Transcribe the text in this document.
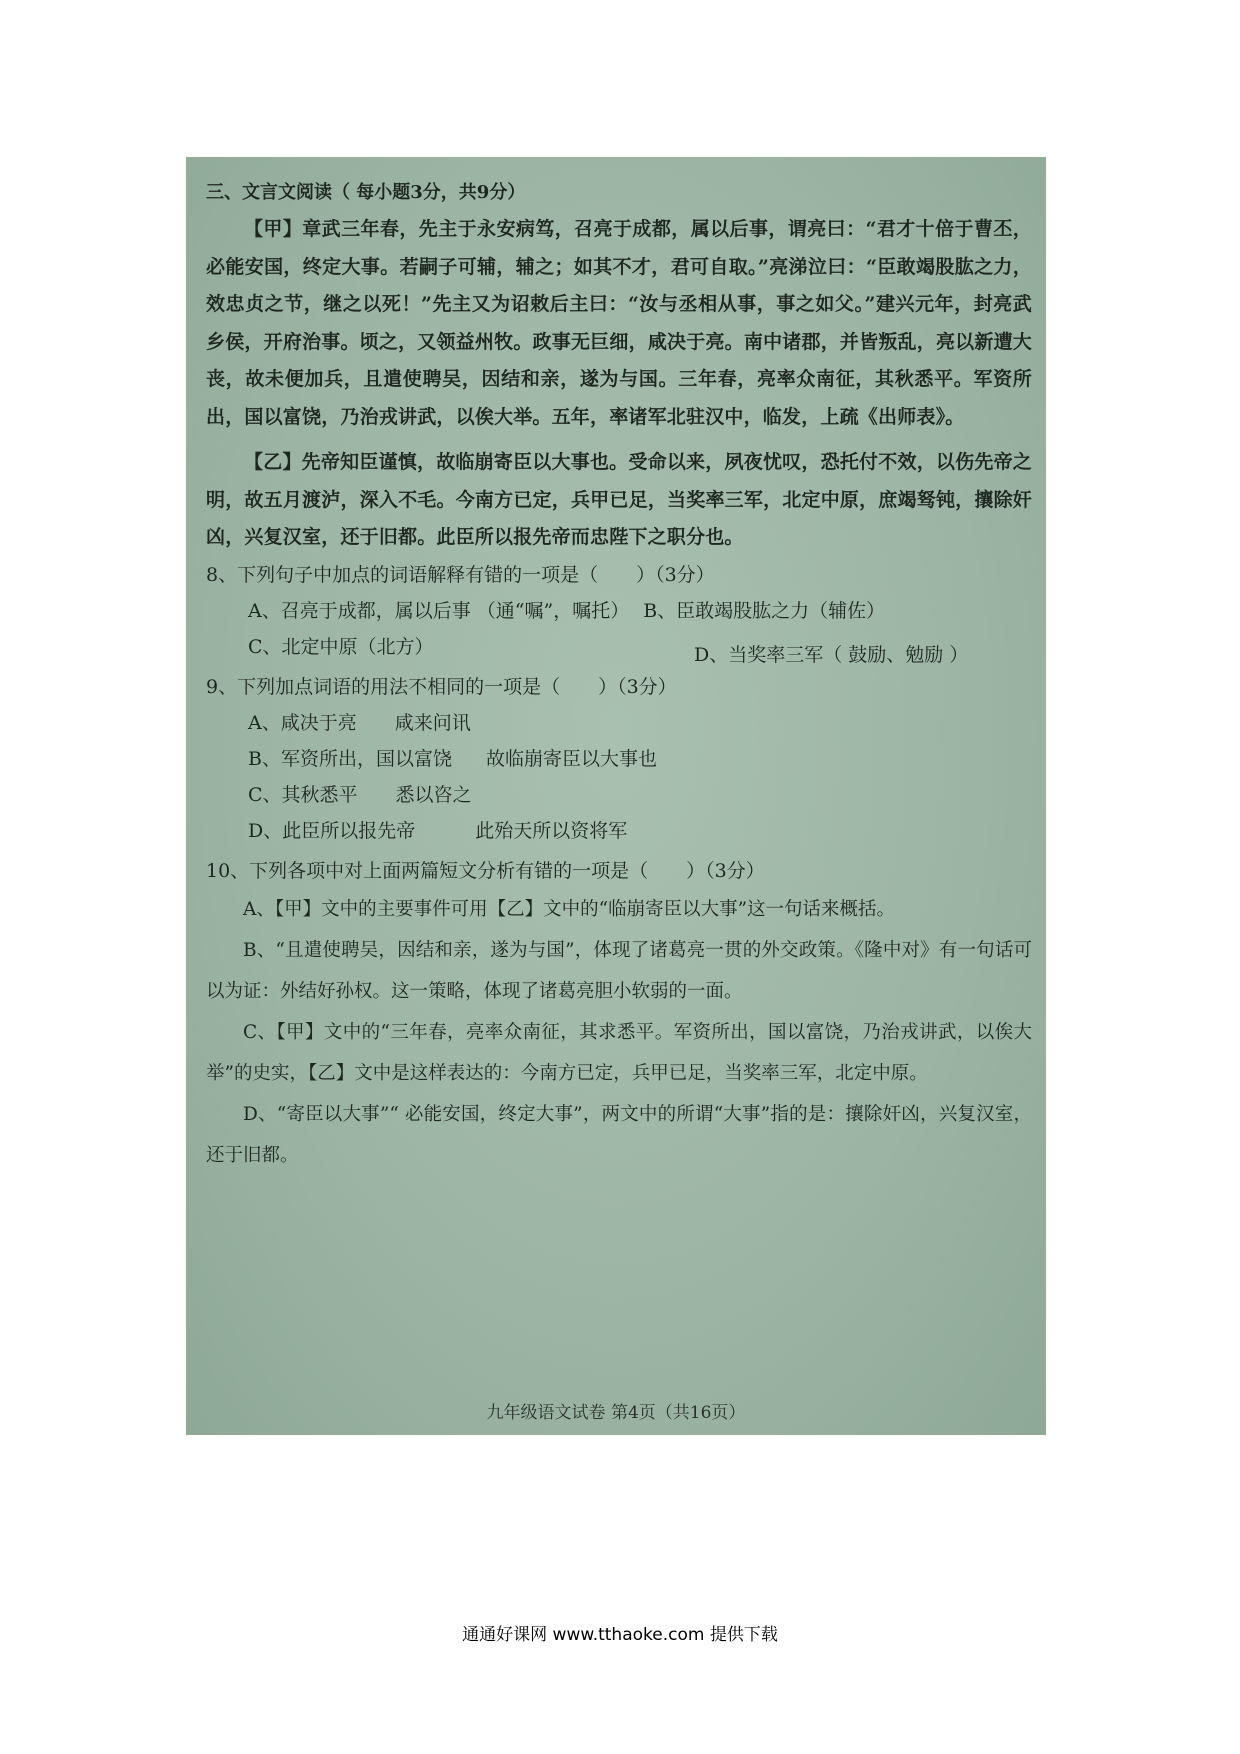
三、文言文阅读（ 每小题3分，共9分）

【甲】章武三年春，先主于永安病笃，召亮于成都，属以后事，谓亮曰：“君才十倍于曹丕，必能安国，终定大事。若嗣子可辅，辅之；如其不才，君可自取。”亮涕泣曰：“臣敢竭股肱之力，效忠贞之节，继之以死！”先主又为诏敕后主曰：“汝与丞相从事，事之如父。”建兴元年，封亮武乡侯，开府治事。顷之，又领益州牧。政事无巨细，咸决于亮。南中诸郡，并皆叛乱，亮以新遭大丧，故未便加兵，且遣使聘吴，因结和亲，遂为与国。三年春，亮率众南征，其秋悉平。军资所出，国以富饶，乃治戎讲武，以俟大举。五年，率诸军北驻汉中，临发，上疏《出师表》。

【乙】先帝知臣谨慎，故临崩寄臣以大事也。受命以来，夙夜忧叹，恐托付不效，以伤先帝之明，故五月渡泸，深入不毛。今南方已定，兵甲已足，当奖率三军，北定中原，庶竭驽钝，攘除奸凶，兴复汉室，还于旧都。此臣所以报先帝而忠陛下之职分也。

8、下列句子中加点的词语解释有错的一项是（　　）（3分）
A、召亮于成都，属以后事 （通“嘱”，嘱托） B、臣敢竭股肱之力（辅佐）
C、北定中原（北方）	D、当奖率三军（ 鼓励、勉励 ）
9、下列加点词语的用法不相同的一项是（　　）（3分）
A、咸决于亮 咸来问讯
B、军资所出，国以富饶 故临崩寄臣以大事也
C、其秋悉平 悉以咨之
D、此臣所以报先帝	此殆天所以资将军
10、下列各项中对上面两篇短文分析有错的一项是（　　）（3分）

A、【甲】文中的主要事件可用【乙】文中的“临崩寄臣以大事”这一句话来概括。

B、“且遣使聘吴，因结和亲，遂为与国”，体现了诸葛亮一贯的外交政策。《隆中对》有一句话可以为证：外结好孙权。这一策略，体现了诸葛亮胆小软弱的一面。

C、【甲】文中的“三年春，亮率众南征，其求悉平。军资所出，国以富饶，乃治戎讲武，以俟大举”的史实，【乙】文中是这样表达的：今南方已定，兵甲已足，当奖率三军，北定中原。

D、“寄臣以大事”“ 必能安国，终定大事”，两文中的所谓“大事”指的是：攘除奸凶，兴复汉室，还于旧都。

九年级语文试卷 第4页（共16页）
通通好课网 www.tthaoke.com 提供下载
